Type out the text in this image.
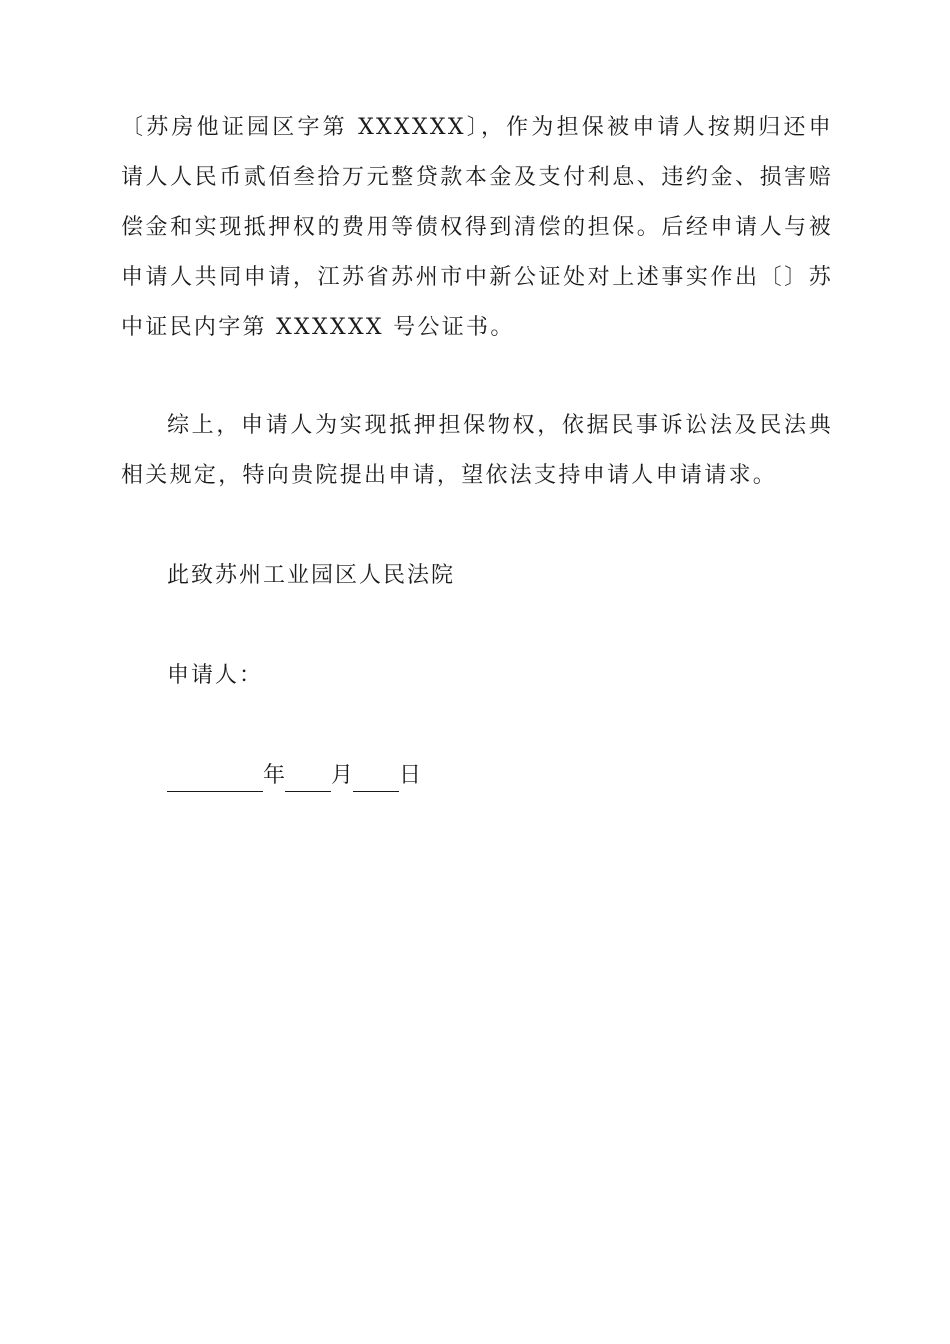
〔苏房他证园区字第 XXXXXX〕，作为担保被申请人按期归还申请人人民币贰佰叁拾万元整贷款本金及支付利息、违约金、损害赔偿金和实现抵押权的费用等债权得到清偿的担保。后经申请人与被申请人共同申请，江苏省苏州市中新公证处对上述事实作出〔〕苏中证民内字第 XXXXXX 号公证书。

综上，申请人为实现抵押担保物权，依据民事诉讼法及民法典相关规定，特向贵院提出申请，望依法支持申请人申请请求。

此致苏州工业园区人民法院

申请人：

年 月 日
